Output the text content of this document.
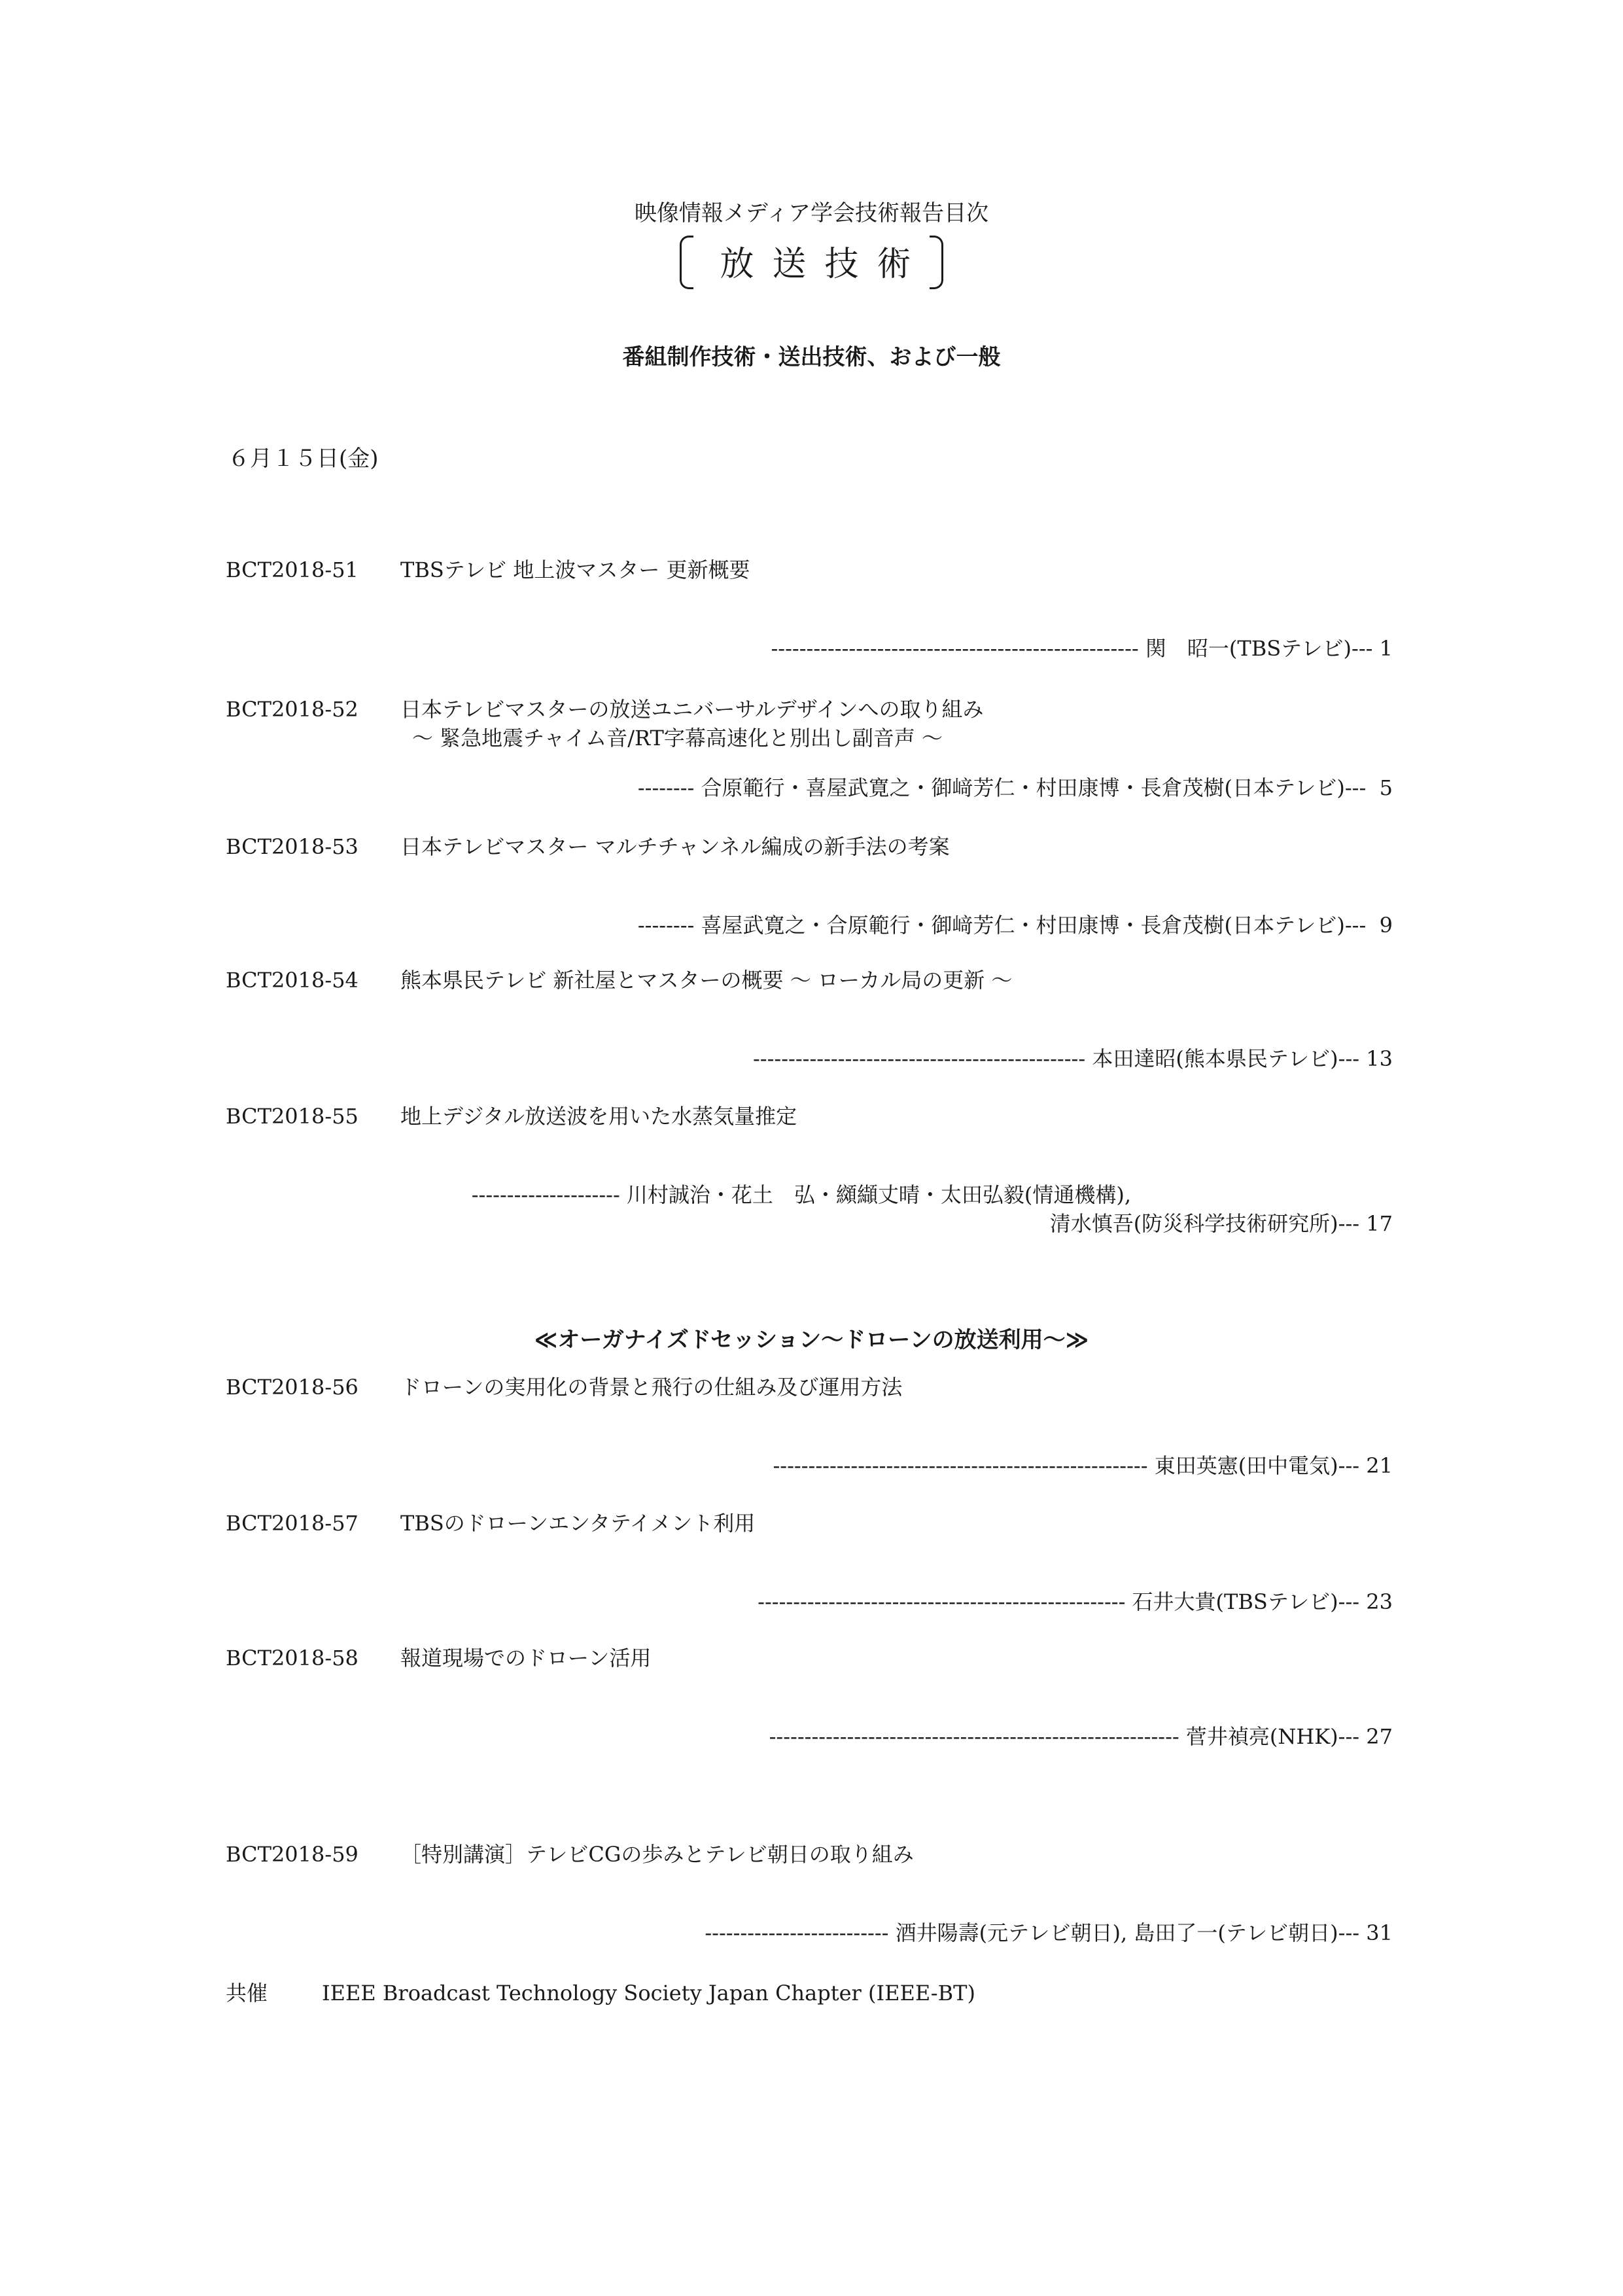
映像情報メディア学会技術報告目次
放送技術
番組制作技術・送出技術、および一般
６月１５日(金)
BCT2018-51 TBSテレビ 地上波マスター 更新概要

---------------------------------------------------- 関　昭一(TBSテレビ)--- 1

BCT2018-52 日本テレビマスターの放送ユニバーサルデザインへの取り組み
～ 緊急地震チャイム音/RT字幕高速化と別出し副音声 ～

-------- 合原範行・喜屋武寛之・御﨑芳仁・村田康博・長倉茂樹(日本テレビ)--- 5

BCT2018-53 日本テレビマスター マルチチャンネル編成の新手法の考案

-------- 喜屋武寛之・合原範行・御﨑芳仁・村田康博・長倉茂樹(日本テレビ)--- 9

BCT2018-54 熊本県民テレビ 新社屋とマスターの概要 ～ ローカル局の更新 ～

----------------------------------------------- 本田達昭(熊本県民テレビ)--- 13

BCT2018-55 地上デジタル放送波を用いた水蒸気量推定

--------------------- 川村誠治・花土　弘・纐纈丈晴・太田弘毅(情通機構),

清水慎吾(防災科学技術研究所)--- 17

≪オーガナイズドセッション～ドローンの放送利用～≫
BCT2018-56 ドローンの実用化の背景と飛行の仕組み及び運用方法

----------------------------------------------------- 東田英憲(田中電気)--- 21

BCT2018-57 TBSのドローンエンタテイメント利用

---------------------------------------------------- 石井大貴(TBSテレビ)--- 23

BCT2018-58 報道現場でのドローン活用

---------------------------------------------------------- 菅井禎亮(NHK)--- 27

BCT2018-59 ［特別講演］テレビCGの歩みとテレビ朝日の取り組み

-------------------------- 酒井陽壽(元テレビ朝日), 島田了一(テレビ朝日)--- 31

共催	IEEE Broadcast Technology Society Japan Chapter (IEEE-BT)
